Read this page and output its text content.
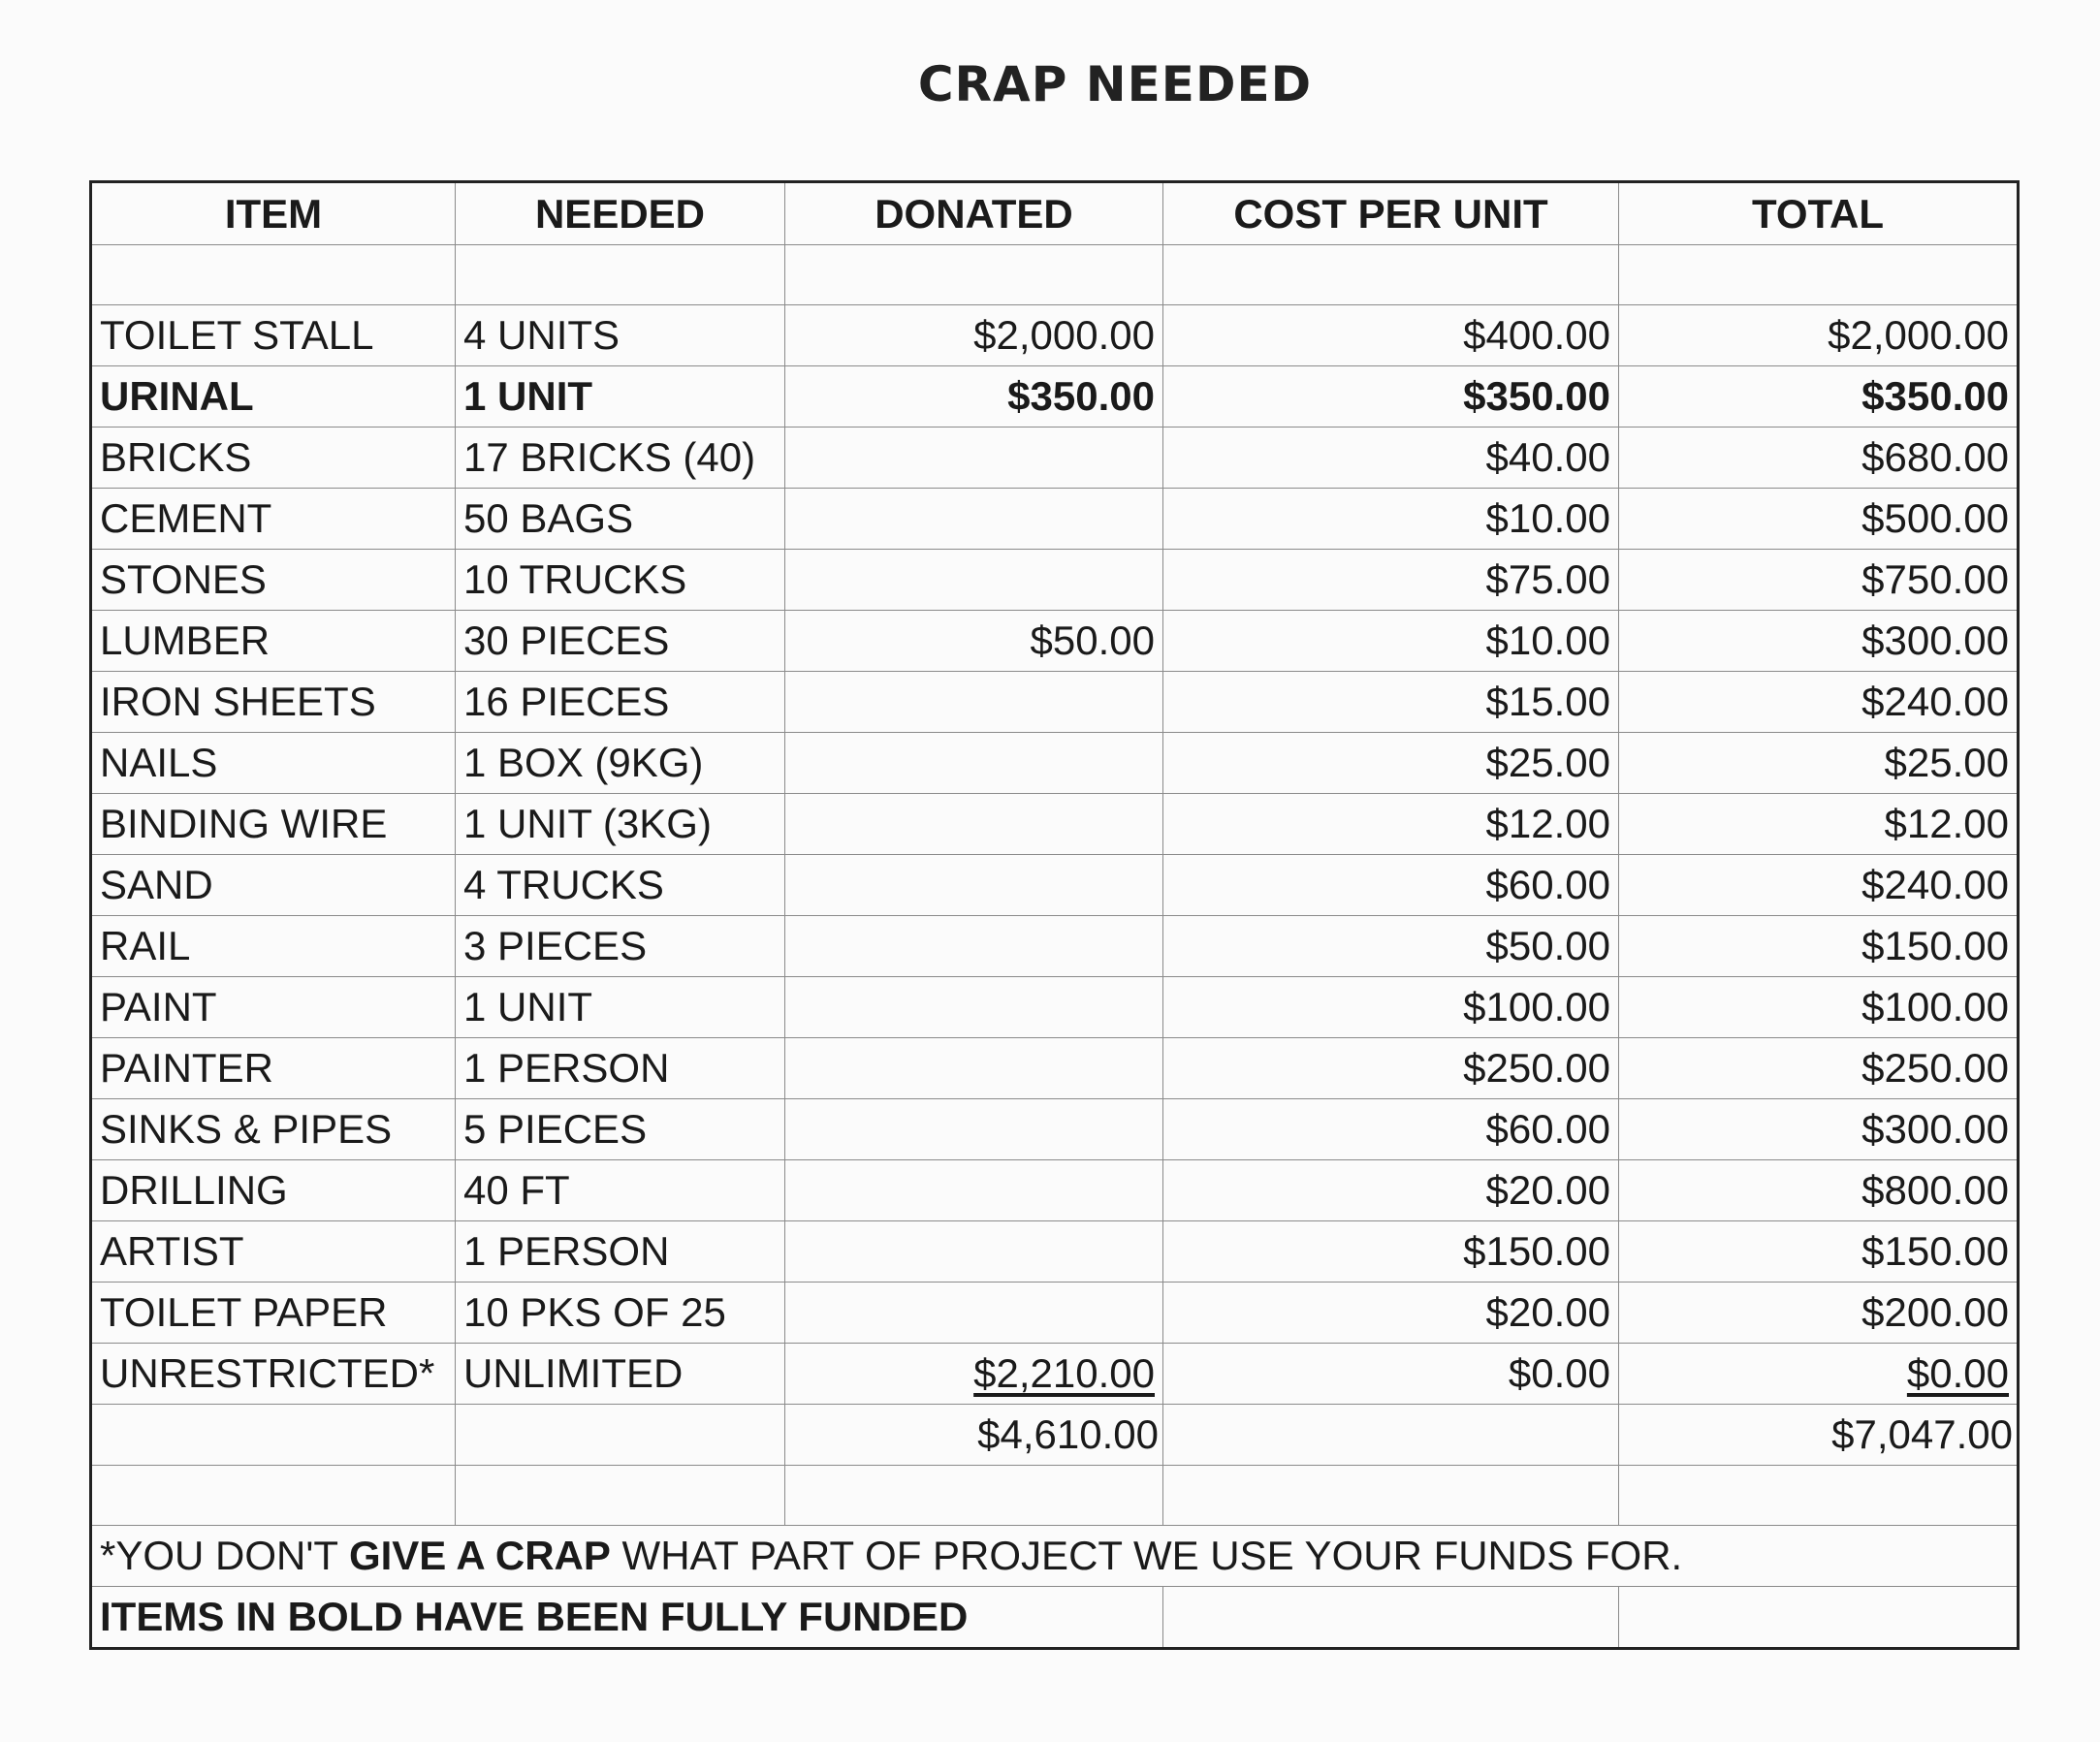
CRAP NEEDED
ITEM	NEEDED	DONATED	COST PER UNIT	TOTAL

TOILET STALL	4 UNITS	$2,000.00	$400.00	$2,000.00
URINAL	1 UNIT	$350.00	$350.00	$350.00
BRICKS	17 BRICKS (40)		$40.00	$680.00
CEMENT	50 BAGS		$10.00	$500.00
STONES	10 TRUCKS		$75.00	$750.00
LUMBER	30 PIECES	$50.00	$10.00	$300.00
IRON SHEETS	16 PIECES		$15.00	$240.00
NAILS	1 BOX (9KG)		$25.00	$25.00
BINDING WIRE	1 UNIT (3KG)		$12.00	$12.00
SAND	4 TRUCKS		$60.00	$240.00
RAIL	3 PIECES		$50.00	$150.00
PAINT	1 UNIT		$100.00	$100.00
PAINTER	1 PERSON		$250.00	$250.00
SINKS & PIPES	5 PIECES		$60.00	$300.00
DRILLING	40 FT		$20.00	$800.00
ARTIST	1 PERSON		$150.00	$150.00
TOILET PAPER	10 PKS OF 25		$20.00	$200.00
UNRESTRICTED*	UNLIMITED	$2,210.00	$0.00	$0.00
		$4,610.00		$7,047.00

*YOU DON'T GIVE A CRAP WHAT PART OF PROJECT WE USE YOUR FUNDS FOR.				
ITEMS IN BOLD HAVE BEEN FULLY FUNDED				
